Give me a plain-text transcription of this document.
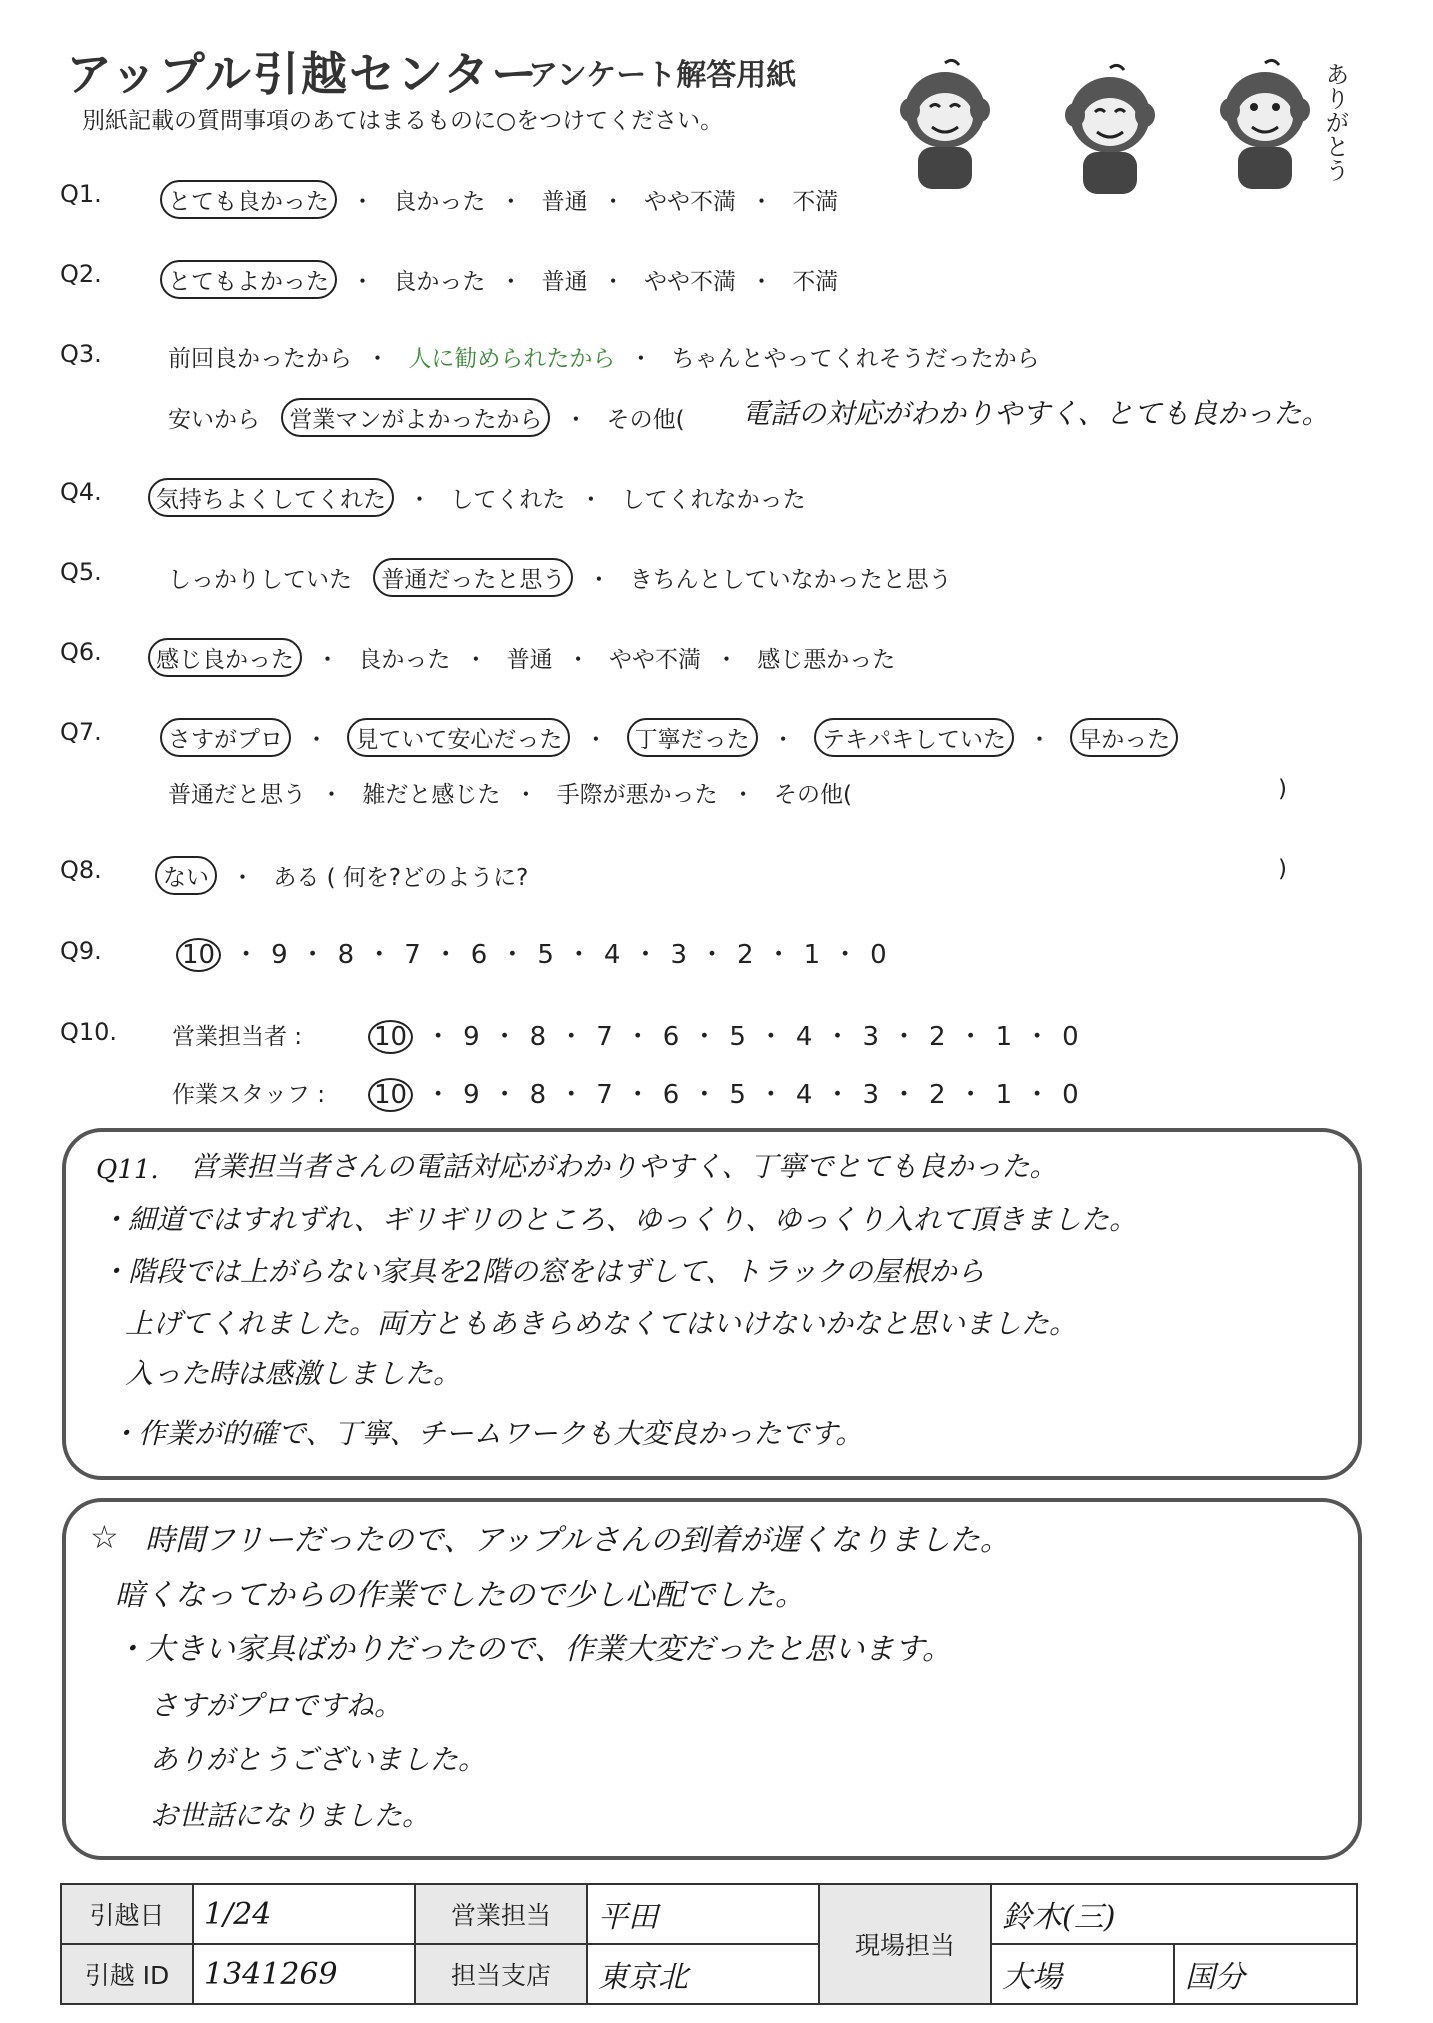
アップル引越センター
アンケート解答用紙
別紙記載の質問事項のあてはまるものに○をつけてください。	ありがとう
Q1.	とても良かった ・ 良かった ・ 普通 ・ やや不満 ・ 不満
Q2.	とてもよかった ・ 良かった ・ 普通 ・ やや不満 ・ 不満
Q3.	前回良かったから ・ 人に勧められたから ・ ちゃんとやってくれそうだったから
安いから 営業マンがよかったから ・ その他(	電話の対応がわかりやすく、とても良かった。
Q4.	気持ちよくしてくれた ・ してくれた ・ してくれなかった
Q5.	しっかりしていた 普通だったと思う ・ きちんとしていなかったと思う
Q6.	感じ良かった ・ 良かった ・ 普通 ・ やや不満 ・ 感じ悪かった
Q7.	さすがプロ ・ 見ていて安心だった ・ 丁寧だった ・ テキパキしていた ・ 早かった
普通だと思う ・ 雑だと感じた ・ 手際が悪かった ・ その他(	)
Q8.	ない ・ ある ( 何を?どのように?	)
Q9.	10 ・ 9 ・ 8 ・ 7 ・ 6 ・ 5 ・ 4 ・ 3 ・ 2 ・ 1 ・ 0
Q10. 営業担当者 :	10 ・ 9 ・ 8 ・ 7 ・ 6 ・ 5 ・ 4 ・ 3 ・ 2 ・ 1 ・ 0
作業スタッフ :	10 ・ 9 ・ 8 ・ 7 ・ 6 ・ 5 ・ 4 ・ 3 ・ 2 ・ 1 ・ 0
Q11. 営業担当者さんの電話対応がわかりやすく、丁寧でとても良かった。
・細道ではすれずれ、ギリギリのところ、ゆっくり、ゆっくり入れて頂きました。
・階段では上がらない家具を2階の窓をはずして、トラックの屋根から
上げてくれました。両方ともあきらめなくてはいけないかなと思いました。
入った時は感激しました。
・作業が的確で、丁寧、チームワークも大変良かったです。
☆ 時間フリーだったので、アップルさんの到着が遅くなりました。
暗くなってからの作業でしたので少し心配でした。
・大きい家具ばかりだったので、作業大変だったと思います。
さすがプロですね。
ありがとうございました。
お世話になりました。
引越日	1/24	営業担当	平田	現場担当	鈴木(三)	
引越 ID	1341269	担当支店	東京北		大場	国分
